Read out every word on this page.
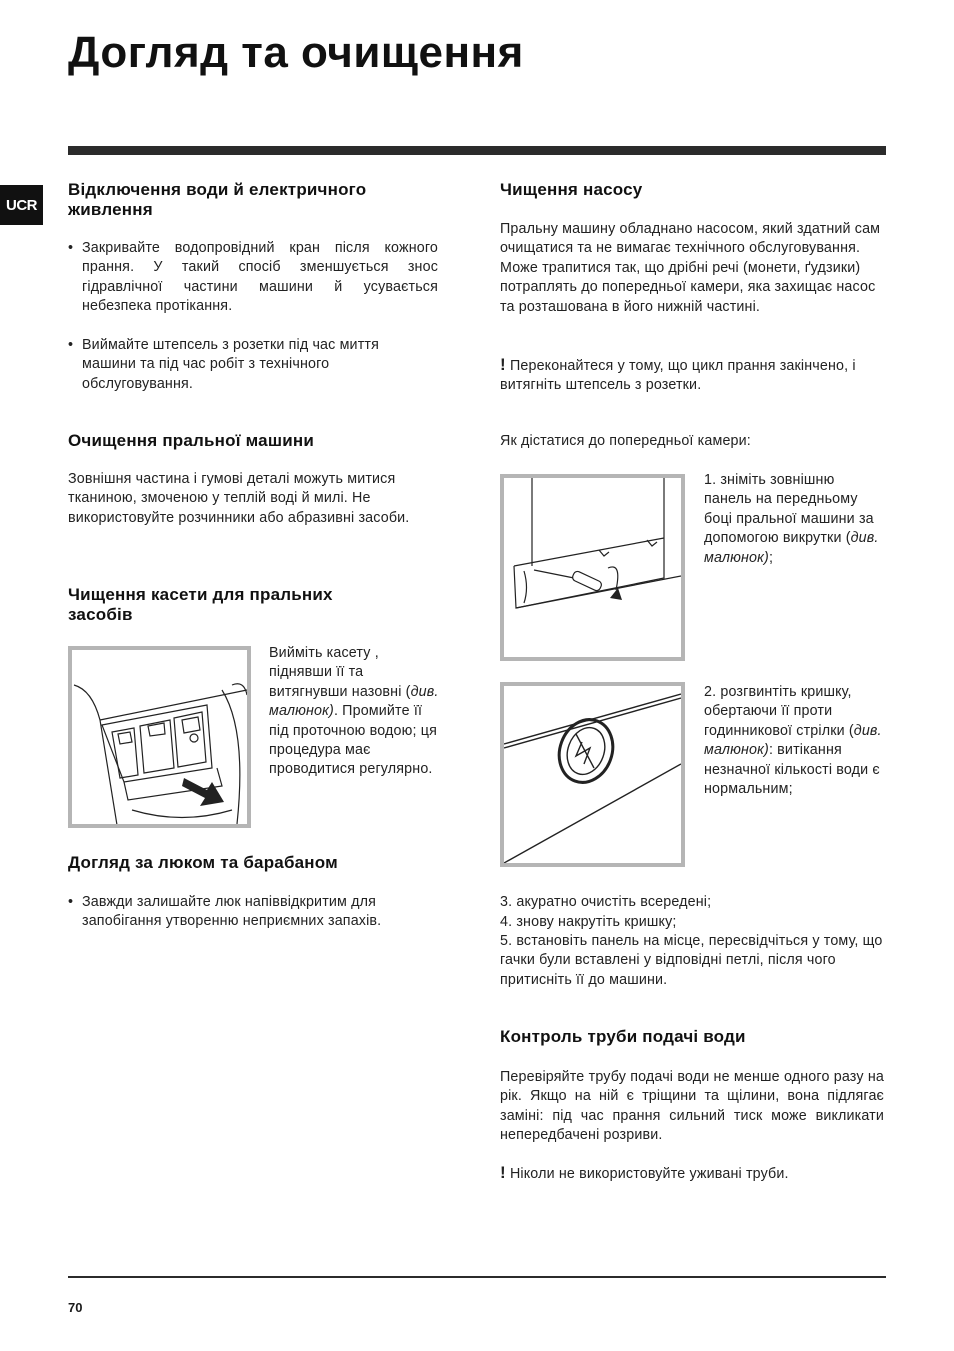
Догляд та очищення
UCR
Відключення води й електричного живлення
• Закривайте водопровідний кран після кожного прання. У такий спосіб зменшується знос гідравлічної частини машини й усувається небезпека протікання.

• Виймайте штепсель з розетки під час миття машини та під час робіт з технічного обслуговування.

Очищення пральної машини

Зовнішня частина і гумові деталі можуть митися тканиною, змоченою у теплій воді й милі. Не використовуйте розчинники або абразивні засоби.

Чищення касети для пральних засобів

Вийміть касету , піднявши її та витягнувши назовні (див. малюнок). Промийте її під проточною водою; ця процедура має проводитися регулярно.

Догляд за люком та барабаном
• Завжди залишайте люк напіввідкритим для запобігання утворенню неприємних запахів.

Чищення насосу

Пральну машину обладнано насосом, який здатний сам очищатися та не вимагає технічного обслуговування. Може трапитися так, що дрібні речі (монети, ґудзики) потраплять до попередньої камери, яка захищає насос та розташована в його нижній частині.

! Переконайтеся у тому, що цикл прання закінчено, і витягніть штепсель з розетки.

Як дістатися до попередньої камери:

1. зніміть зовнішню панель на передньому боці пральної машини за допомогою викрутки (див. малюнок);

2. розгвинтіть кришку, обертаючи її проти годинникової стрілки (див. малюнок): витікання незначної кількості води є нормальним;

3. акуратно очистіть всередені;

4. знову накрутіть кришку;

5. встановіть панель на місце, пересвідчіться у тому, що гачки були вставлені у відповідні петлі, після чого притисніть її до машини.

Контроль труби подачі води

Перевіряйте трубу подачі води не менше одного разу на рік. Якщо на ній є тріщини та щілини, вона підлягає заміні: під час прання сильний тиск може викликати непередбачені розриви.

! Ніколи не використовуйте уживані труби.

70
